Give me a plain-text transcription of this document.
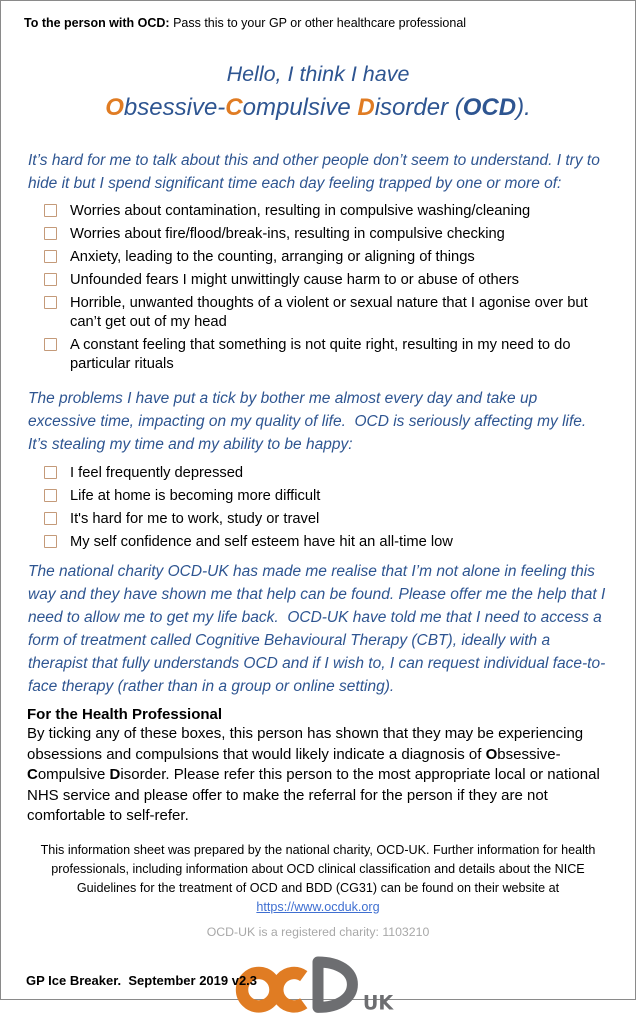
To the person with OCD: Pass this to your GP or other healthcare professional

Hello, I think I have
Obsessive-Compulsive Disorder (OCD).

It’s hard for me to talk about this and other people don’t seem to understand. I try to hide it but I spend significant time each day feeling trapped by one or more of:

Worries about contamination, resulting in compulsive washing/cleaning
Worries about fire/flood/break-ins, resulting in compulsive checking
Anxiety, leading to the counting, arranging or aligning of things
Unfounded fears I might unwittingly cause harm to or abuse of others
Horrible, unwanted thoughts of a violent or sexual nature that I agonise over but can’t get out of my head
A constant feeling that something is not quite right, resulting in my need to do particular rituals

The problems I have put a tick by bother me almost every day and take up excessive time, impacting on my quality of life.  OCD is seriously affecting my life. It’s stealing my time and my ability to be happy:

I feel frequently depressed
Life at home is becoming more difficult
It's hard for me to work, study or travel
My self confidence and self esteem have hit an all-time low

The national charity OCD-UK has made me realise that I’m not alone in feeling this way and they have shown me that help can be found. Please offer me the help that I need to allow me to get my life back.  OCD-UK have told me that I need to access a form of treatment called Cognitive Behavioural Therapy (CBT), ideally with a therapist that fully understands OCD and if I wish to, I can request individual face-to-face therapy (rather than in a group or online setting).

For the Health Professional

By ticking any of these boxes, this person has shown that they may be experiencing obsessions and compulsions that would likely indicate a diagnosis of Obsessive-Compulsive Disorder. Please refer this person to the most appropriate local or national NHS service and please offer to make the referral for the person if they are not comfortable to self-refer.

This information sheet was prepared by the national charity, OCD-UK. Further information for health professionals, including information about OCD clinical classification and details about the NICE Guidelines for the treatment of OCD and BDD (CG31) can be found on their website at https://www.ocduk.org

OCD-UK is a registered charity: 1103210

UK
GP Ice Breaker.  September 2019 v2.3
